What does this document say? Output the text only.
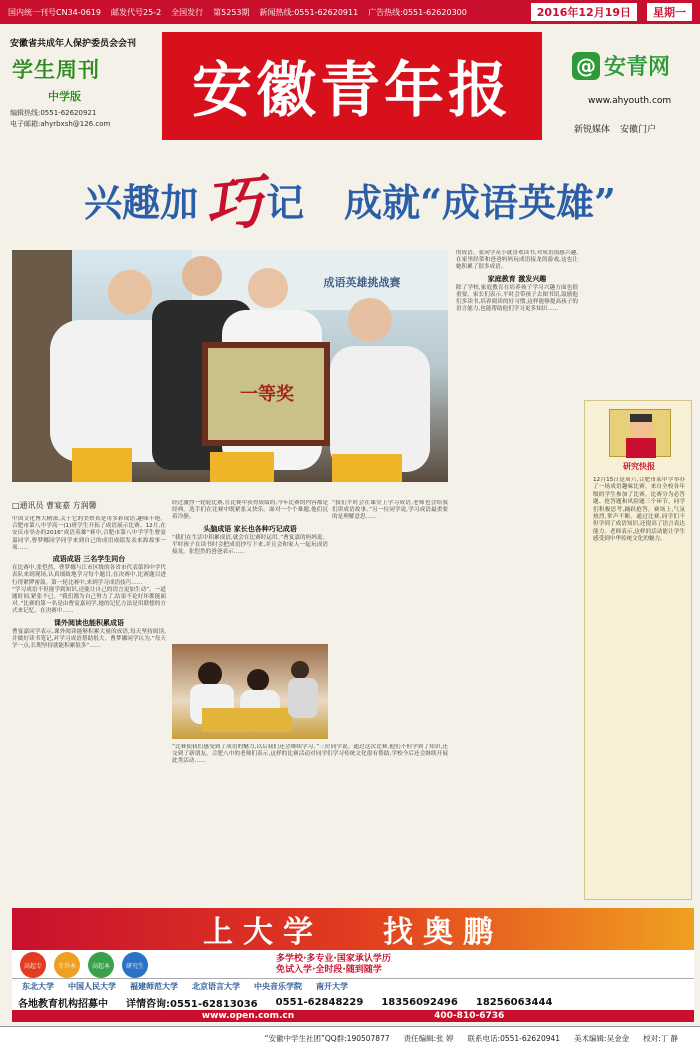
国内统一刊号CN34-0619 邮发代号25-2 全国发行 第5253期 新闻热线:0551-62620911 广告热线:0551-62620300	2016年12月19日	星期一
安徽省共成年人保护委员会会刊
学生周刊
中学版
编辑热线:0551-62620921
电子邮箱:ahyrbxsh@126.com	安徽青年报	@ 安青网
www.ahyouth.com
新锐媒体 安徽门户
兴趣加 巧 记 成就“成语英雄”
一等奖
成语英雄挑战赛
□通讯员 曹宴嘉 方润馨

中国文化博大精深,关于它的美妙真是用多彩成语,趣味不绝。合肥市第八中学高一(1)班学生开拓了成语展示比赛。12月,在安庆市举办的2016“成语英雄”赛中,合肥市第八中学学生曹宴嘉同学,曹梦娜同学同学来到自己的成语成绩发表来源故事一项……

成语成语 三名学生同台

在比赛中,张恺然、曹梦娜与江市区级的各省市代表第四中学代表队来到现场,认真细致地学习每个题目,在决赛中,比赛题目进行得紧锣密鼓。第一轮比赛中,来到学习成语技巧……

“学习成语不但能学到知识,还能让自己的语言更加生动”。一道题时间,紧张不已。“我们都为自己努力了,结果不论好坏都能面对。”比赛的第一名是由曹宴嘉同学,她的记忆方法是用联想的方式来记忆。在决赛中……

课外阅读也能积累成语

曹宴嘉同学表示,课外阅读能够积累大量的成语,每天坚持阅读,并做好读书笔记,对学习成语帮助很大。曹梦娜同学认为,“每天学一点,长期坚持就能积累很多”……

经过激烈一轮轮比赛,在比赛中获得成绩的,今年比赛的内容都是经典。选手们在比赛中既紧张又快乐。面对一个个难题,他们沉着冷静。

头脑成语 家长也各种巧记成语

“我们在生活中积累成语,就会在比赛时运用。”曹宴嘉的妈妈说。平时孩子在读书时会把成语抄写下来,并且会和家人一起玩成语接龙。张恺然的爸爸表示……

“比赛使我们感受到了成语的魅力,以后我们还会继续学习。”三位同学说。通过这次比赛,他们不但学到了知识,还交到了新朋友。合肥八中的老师们表示,这样的比赛活动对同学们学习传统文化很有帮助,学校今后还会继续开展此类活动……

“我们平时会在课堂上学习成语,老师也会给我们讲成语故事。”另一位同学说,学习成语最重要的是理解意思……

的成语。张同学从小就喜欢读书,对成语很感兴趣,在家里经常和爸爸妈妈玩成语接龙的游戏,这也让她积累了很多成语。

家庭教育 激发兴趣

除了学校,家庭教育在培养孩子学习兴趣方面也很重要。家长们表示,平时会带孩子去图书馆,鼓励他们多读书,培养阅读的好习惯,这样能够提高孩子的语言能力,也能帮助他们学习更多知识……

研究快报
12月15日是周六,合肥市某中学举办了一场成语趣味比赛。来自全校各年级的学生参加了比赛。比赛分为必答题、抢答题和风险题三个环节。同学们积极思考,踊跃抢答。赛场上,气氛热烈,掌声不断。通过比赛,同学们不但学到了成语知识,还提高了语言表达能力。老师表示,这样的活动能让学生感受到中华传统文化的魅力。
上大学 找奥鹏
高起专	专升本	高起本	研究生
多学校·多专业·国家承认学历
免试入学·全时段·随到随学
东北大学 中国人民大学 福建师范大学 北京语言大学 中央音乐学院 南开大学
各地教育机构招募中 详情咨询:0551-62813036 0551-62848229 18356092496 18256063444
www.open.com.cn	400-810-6736
“安徽中学生社团”QQ群:190507877 责任编辑:张 婷 联系电话:0551-62620941 美术编辑:吴金金 校对:丁 静
